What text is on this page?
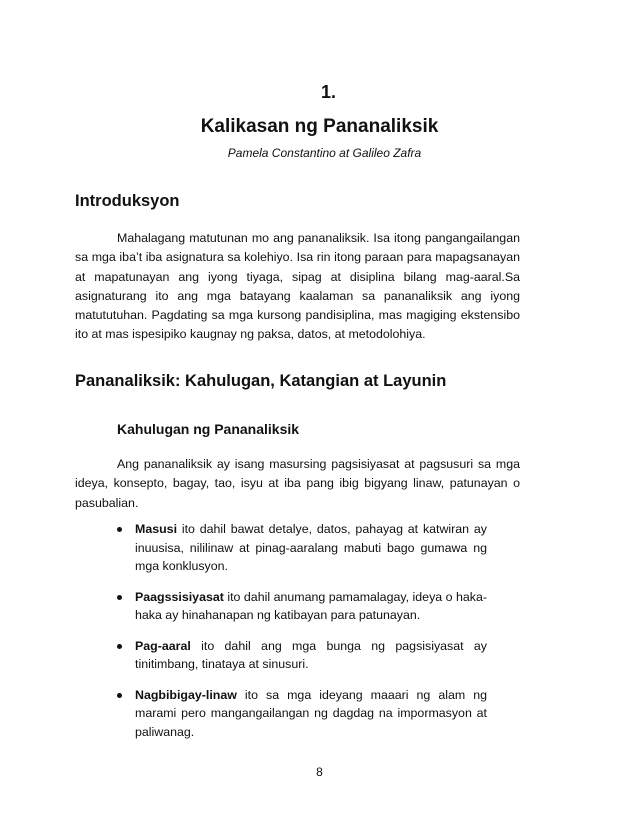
1.
Kalikasan ng Pananaliksik
Pamela Constantino at Galileo Zafra
Introduksyon

Mahalagang matutunan mo ang pananaliksik. Isa itong pangangailangan sa mga iba’t iba asignatura sa kolehiyo. Isa rin itong paraan para mapagsanayan at mapatunayan ang iyong tiyaga, sipag at disiplina bilang mag-aaral.Sa asignaturang ito ang mga batayang kaalaman sa pananaliksik ang iyong matututuhan. Pagdating sa mga kursong pandisiplina, mas magiging ekstensibo ito at mas ispesipiko kaugnay ng paksa, datos, at metodolohiya.

Pananaliksik: Kahulugan, Katangian at Layunin
Kahulugan ng Pananaliksik

Ang pananaliksik ay isang masursing pagsisiyasat at pagsusuri sa mga ideya, konsepto, bagay, tao, isyu at iba pang ibig bigyang linaw, patunayan o pasubalian.

Masusi ito dahil bawat detalye, datos, pahayag at katwiran ay inuusisa, nililinaw at pinag-aaralang mabuti bago gumawa ng mga konklusyon.
Paagssisiyasat ito dahil anumang pamamalagay, ideya o haka-haka ay hinahanapan ng katibayan para patunayan.
Pag-aaral ito dahil ang mga bunga ng pagsisiyasat ay tinitimbang, tinataya at sinusuri.
Nagbibigay-linaw ito sa mga ideyang maaari ng alam ng marami pero mangangailangan ng dagdag na impormasyon at paliwanag.
8
